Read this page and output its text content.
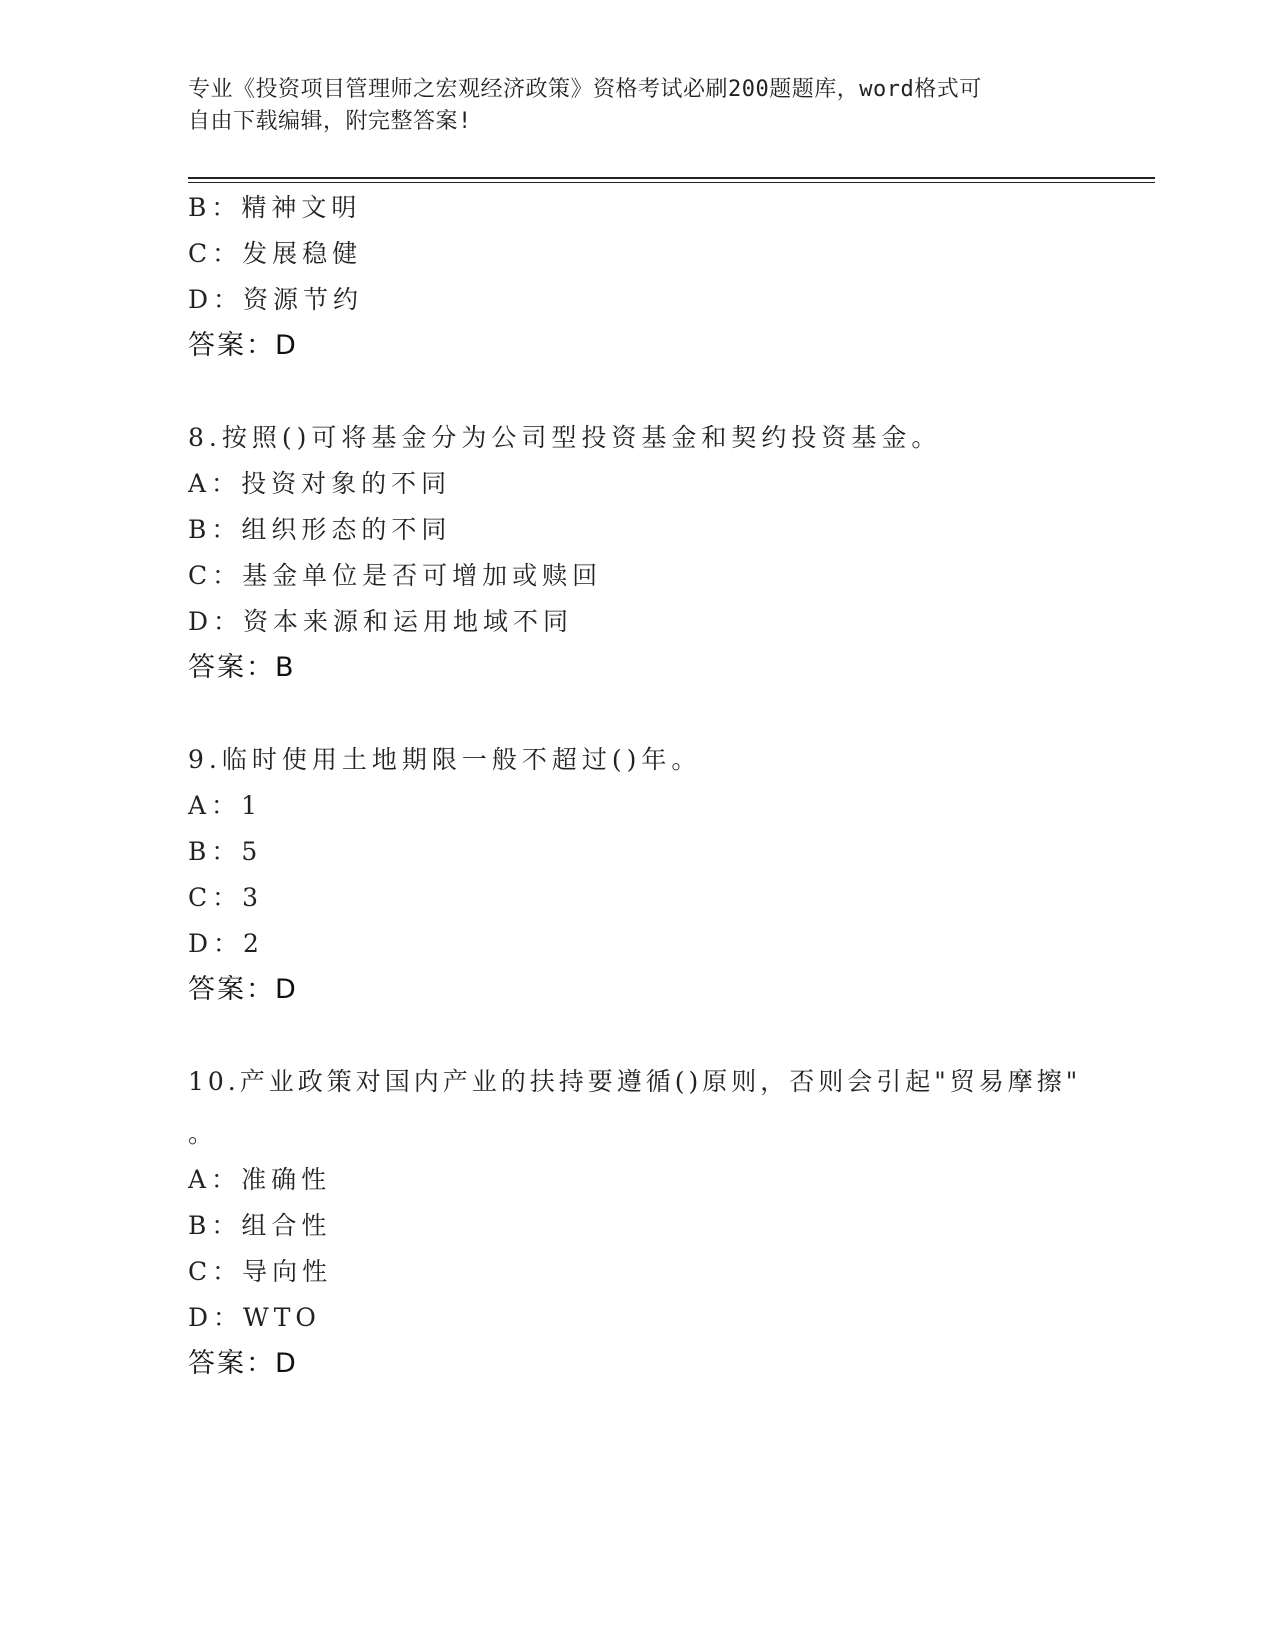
专业《投资项目管理师之宏观经济政策》资格考试必刷200题题库，word格式可
自由下载编辑，附完整答案!
B：精神文明
C：发展稳健
D：资源节约
答案：D
8.按照()可将基金分为公司型投资基金和契约投资基金。
A：投资对象的不同
B：组织形态的不同
C：基金单位是否可增加或赎回
D：资本来源和运用地域不同
答案：B
9.临时使用土地期限一般不超过()年。
A：1
B：5
C：3
D：2
答案：D
10.产业政策对国内产业的扶持要遵循()原则，否则会引起"贸易摩擦"
。
A：准确性
B：组合性
C：导向性
D：WTO
答案：D
